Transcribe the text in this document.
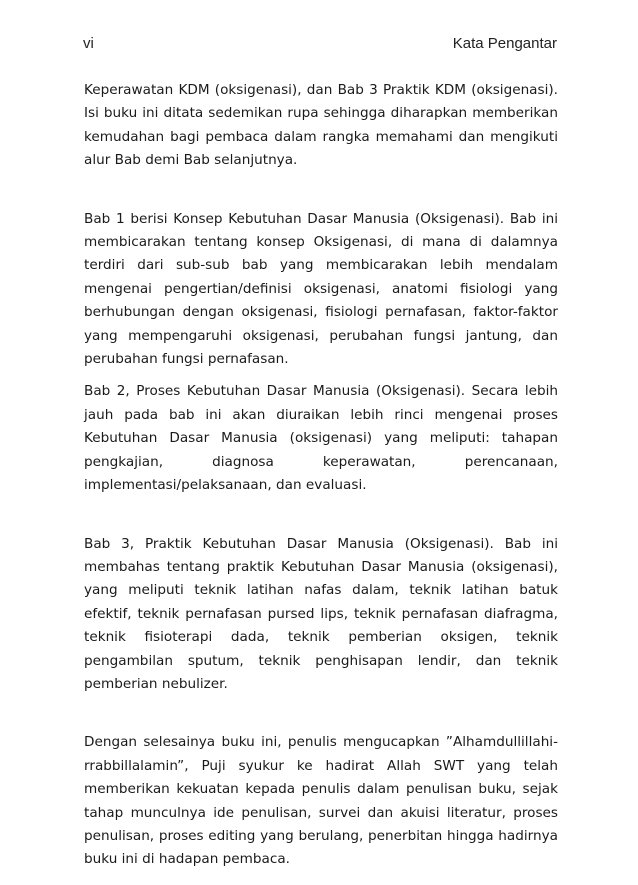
vi	Kata Pengantar

Keperawatan KDM (oksigenasi), dan Bab 3 Praktik KDM (oksigenasi). Isi buku ini ditata sedemikan rupa sehingga diharapkan memberikan kemudahan bagi pembaca dalam rangka memahami dan mengikuti alur Bab demi Bab selanjutnya.

Bab 1 berisi Konsep Kebutuhan Dasar Manusia (Oksigenasi). Bab ini membicarakan tentang konsep Oksigenasi, di mana di dalamnya terdiri dari sub-sub bab yang membicarakan lebih mendalam mengenai pengertian/definisi oksigenasi, anatomi fisiologi yang berhubungan dengan oksigenasi, fisiologi pernafasan, faktor-faktor yang mempengaruhi oksigenasi, perubahan fungsi jantung, dan perubahan fungsi pernafasan.

Bab 2, Proses Kebutuhan Dasar Manusia (Oksigenasi). Secara lebih jauh pada bab ini akan diuraikan lebih rinci mengenai proses Kebutuhan Dasar Manusia (oksigenasi) yang meliputi: tahapan pengkajian, diagnosa keperawatan, perencanaan, implementasi/pelaksanaan, dan evaluasi.

Bab 3, Praktik Kebutuhan Dasar Manusia (Oksigenasi). Bab ini membahas tentang praktik Kebutuhan Dasar Manusia (oksigenasi), yang meliputi teknik latihan nafas dalam, teknik latihan batuk efektif, teknik pernafasan pursed lips, teknik pernafasan diafragma, teknik fisioterapi dada, teknik pemberian oksigen, teknik pengambilan sputum, teknik penghisapan lendir, dan teknik pemberian nebulizer.

Dengan selesainya buku ini, penulis mengucapkan ”Alhamdullillahi-rrabbillalamin”, Puji syukur ke hadirat Allah SWT yang telah memberikan kekuatan kepada penulis dalam penulisan buku, sejak tahap munculnya ide penulisan, survei dan akuisi literatur, proses penulisan, proses editing yang berulang, penerbitan hingga hadirnya buku ini di hadapan pembaca.
